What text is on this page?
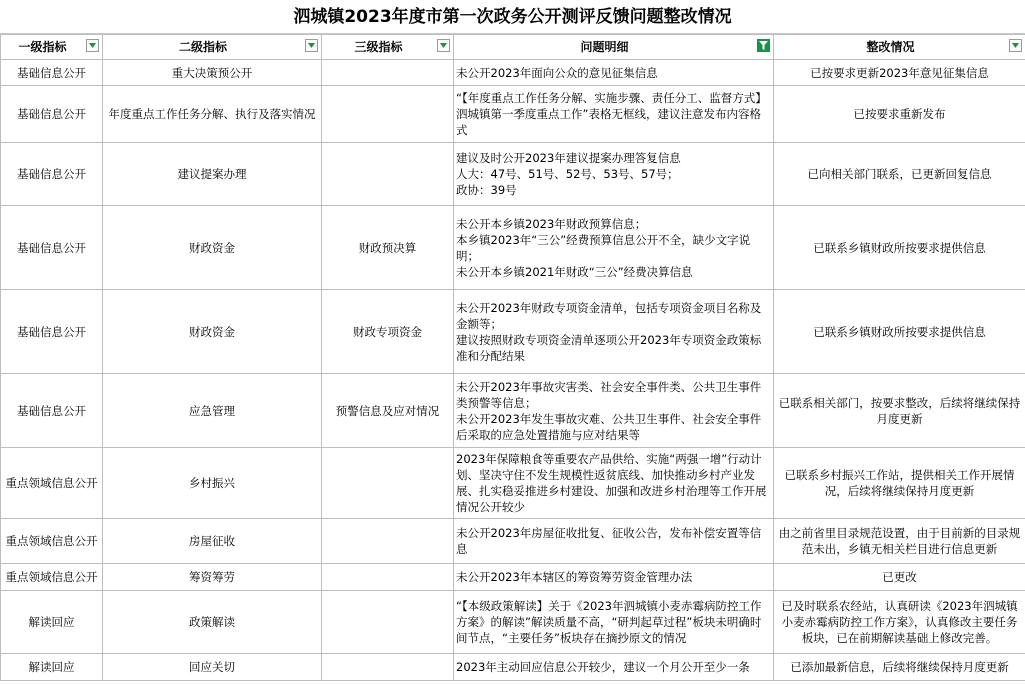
泗城镇2023年度市第一次政务公开测评反馈问题整改情况
一级指标	二级指标	三级指标	问题明细	整改情况

基础信息公开	重大决策预公开		未公开2023年面向公众的意见征集信息	已按要求更新2023年意见征集信息
基础信息公开	年度重点工作任务分解、执行及落实情况		“【年度重点工作任务分解、实施步骤、责任分工、监督方式】泗城镇第一季度重点工作”表格无框线，建议注意发布内容格式	已按要求重新发布
基础信息公开	建议提案办理		建议及时公开2023年建议提案办理答复信息
人大：47号、51号、52号、53号、57号；
政协：39号	已向相关部门联系，已更新回复信息
基础信息公开	财政资金	财政预决算	未公开本乡镇2023年财政预算信息；
本乡镇2023年“三公”经费预算信息公开不全，缺少文字说明；
未公开本乡镇2021年财政“三公”经费决算信息	已联系乡镇财政所按要求提供信息
基础信息公开	财政资金	财政专项资金	未公开2023年财政专项资金清单，包括专项资金项目名称及金额等；
建议按照财政专项资金清单逐项公开2023年专项资金政策标准和分配结果	已联系乡镇财政所按要求提供信息
基础信息公开	应急管理	预警信息及应对情况	未公开2023年事故灾害类、社会安全事件类、公共卫生事件类预警等信息；
未公开2023年发生事故灾难、公共卫生事件、社会安全事件后采取的应急处置措施与应对结果等	已联系相关部门，按要求整改，后续将继续保持月度更新
重点领域信息公开	乡村振兴		2023年保障粮食等重要农产品供给、实施“两强一增”行动计划、坚决守住不发生规模性返贫底线、加快推动乡村产业发展、扎实稳妥推进乡村建设、加强和改进乡村治理等工作开展情况公开较少	已联系乡村振兴工作站，提供相关工作开展情况，后续将继续保持月度更新
重点领域信息公开	房屋征收		未公开2023年房屋征收批复、征收公告，发布补偿安置等信息	由之前省里目录规范设置，由于目前新的目录规范未出，乡镇无相关栏目进行信息更新
重点领域信息公开	筹资筹劳		未公开2023年本辖区的筹资筹劳资金管理办法	已更改
解读回应	政策解读		“【本级政策解读】关于《2023年泗城镇小麦赤霉病防控工作方案》的解读”解读质量不高，“研判起草过程”板块未明确时间节点，“主要任务”板块存在摘抄原文的情况	已及时联系农经站，认真研读《2023年泗城镇小麦赤霉病防控工作方案》，认真修改主要任务板块，已在前期解读基础上修改完善。
解读回应	回应关切		2023年主动回应信息公开较少，建议一个月公开至少一条	已添加最新信息，后续将继续保持月度更新
